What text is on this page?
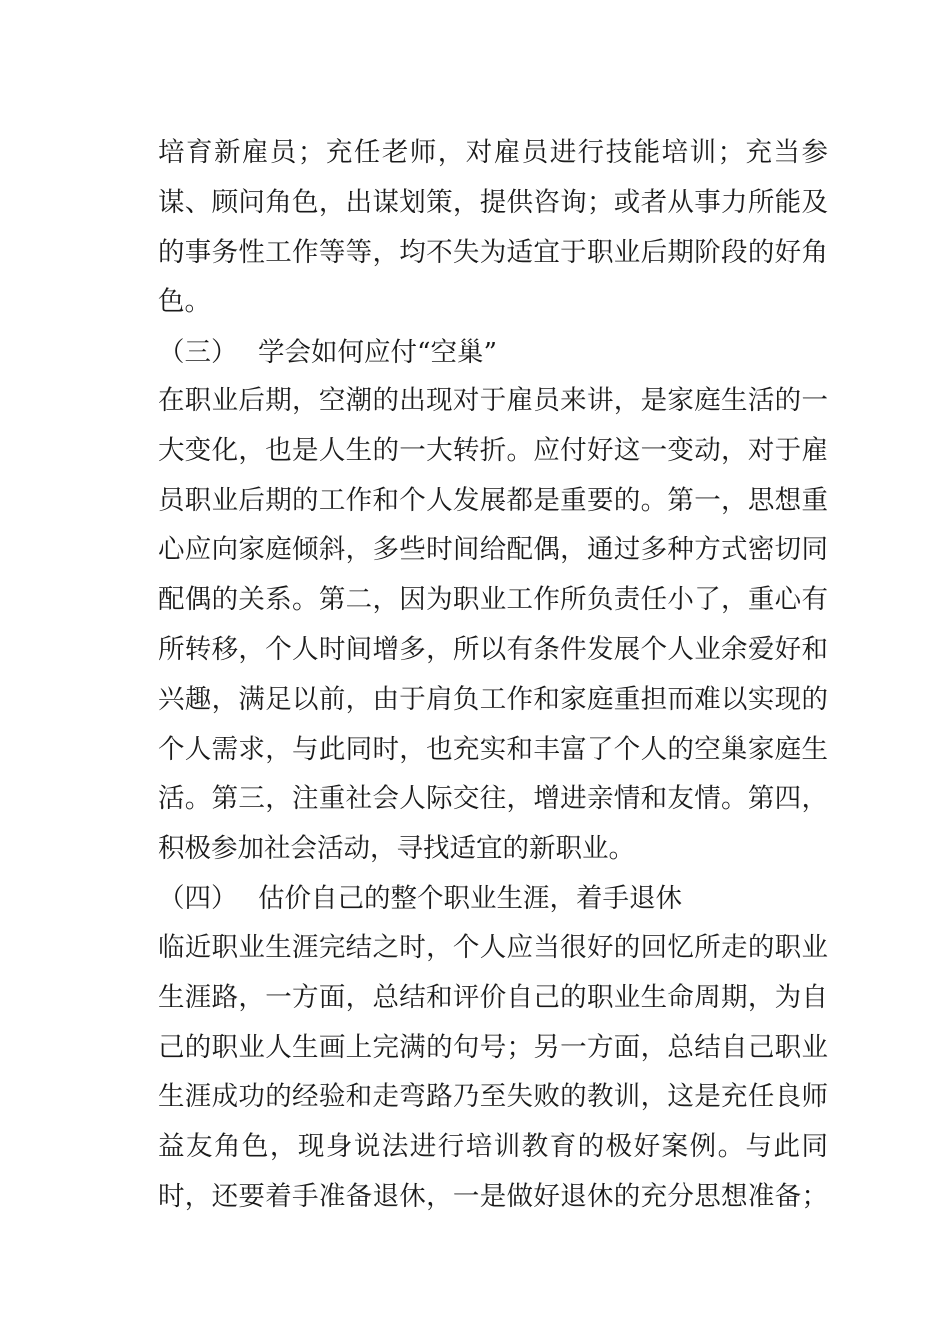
培育新雇员；充任老师，对雇员进行技能培训；充当参
谋、顾问角色，出谋划策，提供咨询；或者从事力所能及
的事务性工作等等，均不失为适宜于职业后期阶段的好角
色。
（三） 学会如何应付“空巢”
在职业后期，空潮的出现对于雇员来讲，是家庭生活的一
大变化，也是人生的一大转折。应付好这一变动，对于雇
员职业后期的工作和个人发展都是重要的。第一，思想重
心应向家庭倾斜，多些时间给配偶，通过多种方式密切同
配偶的关系。第二，因为职业工作所负责任小了，重心有
所转移，个人时间增多，所以有条件发展个人业余爱好和
兴趣，满足以前，由于肩负工作和家庭重担而难以实现的
个人需求，与此同时，也充实和丰富了个人的空巢家庭生
活。第三，注重社会人际交往，增进亲情和友情。第四，
积极参加社会活动，寻找适宜的新职业。
（四） 估价自己的整个职业生涯，着手退休
临近职业生涯完结之时，个人应当很好的回忆所走的职业
生涯路，一方面，总结和评价自己的职业生命周期，为自
己的职业人生画上完满的句号；另一方面，总结自己职业
生涯成功的经验和走弯路乃至失败的教训，这是充任良师
益友角色，现身说法进行培训教育的极好案例。与此同
时，还要着手准备退休，一是做好退休的充分思想准备；
